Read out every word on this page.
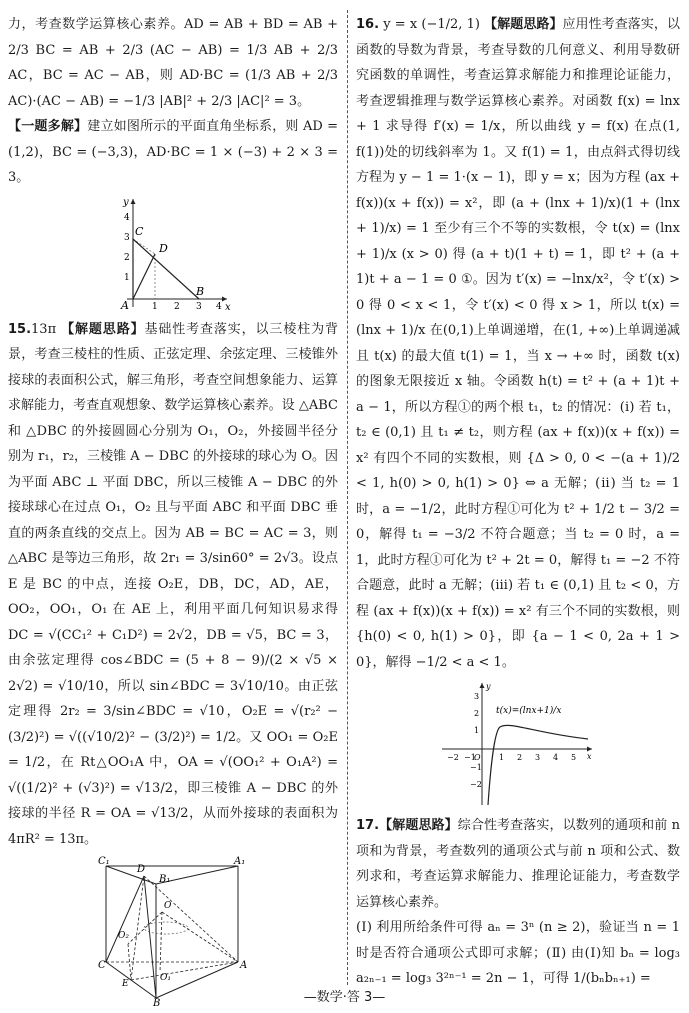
力，考查数学运算核心素养。AD = AB + BD = AB + 2/3 BC = AB + 2/3 (AC − AB) = 1/3 AB + 2/3 AC，BC = AC − AB，则 AD·BC = (1/3 AB + 2/3 AC)·(AC − AB) = −1/3 |AB|² + 2/3 |AC|² = 3。

【一题多解】建立如图所示的平面直角坐标系，则 AD = (1,2)，BC = (−3,3)，AD·BC = 1 × (−3) + 2 × 3 = 3。

y
x
C
D
A
B
1 2 3 4
1
2
3
4

15.13π 【解题思路】基础性考查落实，以三棱柱为背景，考查三棱柱的性质、正弦定理、余弦定理、三棱锥外接球的表面积公式，解三角形，考查空间想象能力、运算求解能力，考查直观想象、数学运算核心素养。设 △ABC 和 △DBC 的外接圆圆心分别为 O₁，O₂，外接圆半径分别为 r₁，r₂，三棱锥 A − DBC 的外接球的球心为 O。因为平面 ABC ⊥ 平面 DBC，所以三棱锥 A − DBC 的外接球球心在过点 O₁，O₂ 且与平面 ABC 和平面 DBC 垂直的两条直线的交点上。因为 AB = BC = AC = 3，则 △ABC 是等边三角形，故 2r₁ = 3/sin60° = 2√3。设点 E 是 BC 的中点，连接 O₂E，DB，DC，AD，AE，OO₂，OO₁，O₁ 在 AE 上，利用平面几何知识易求得 DC = √(CC₁² + C₁D²) = 2√2，DB = √5，BC = 3，由余弦定理得 cos∠BDC = (5 + 8 − 9)/(2 × √5 × 2√2) = √10/10，所以 sin∠BDC = 3√10/10。由正弦定理得 2r₂ = 3/sin∠BDC = √10，O₂E = √(r₂² − (3/2)²) = √((√10/2)² − (3/2)²) = 1/2。又 OO₁ = O₂E = 1/2，在 Rt△OO₁A 中，OA = √(OO₁² + O₁A²) = √((1/2)² + (√3)²) = √13/2，即三棱锥 A − DBC 的外接球的半径 R = OA = √13/2，从而外接球的表面积为 4πR² = 13π。

C₁
D
A₁
B₁
O
O₂
C	A
E
O₁
B

16. y = x (−1/2, 1) 【解题思路】应用性考查落实，以函数的导数为背景，考查导数的几何意义、利用导数研究函数的单调性，考查运算求解能力和推理论证能力，考查逻辑推理与数学运算核心素养。对函数 f(x) = lnx + 1 求导得 f′(x) = 1/x，所以曲线 y = f(x) 在点(1, f(1))处的切线斜率为 1。又 f(1) = 1，由点斜式得切线方程为 y − 1 = 1·(x − 1)，即 y = x；因为方程 (ax + f(x))(x + f(x)) = x²，即 (a + (lnx + 1)/x)(1 + (lnx + 1)/x) = 1 至少有三个不等的实数根，令 t(x) = (lnx + 1)/x (x > 0) 得 (a + t)(1 + t) = 1，即 t² + (a + 1)t + a − 1 = 0 ①。因为 t′(x) = −lnx/x²，令 t′(x) > 0 得 0 < x < 1，令 t′(x) < 0 得 x > 1，所以 t(x) = (lnx + 1)/x 在(0,1)上单调递增，在(1, +∞)上单调递减且 t(x) 的最大值 t(1) = 1，当 x → +∞ 时，函数 t(x) 的图象无限接近 x 轴。令函数 h(t) = t² + (a + 1)t + a − 1，所以方程①的两个根 t₁，t₂ 的情况：(ⅰ) 若 t₁，t₂ ∈ (0,1) 且 t₁ ≠ t₂，则方程 (ax + f(x))(x + f(x)) = x² 有四个不同的实数根，则 {Δ > 0, 0 < −(a + 1)/2 < 1, h(0) > 0, h(1) > 0} ⇔ a 无解；(ⅱ) 当 t₂ = 1 时，a = −1/2，此时方程①可化为 t² + 1/2 t − 3/2 = 0，解得 t₁ = −3/2 不符合题意；当 t₂ = 0 时，a = 1，此时方程①可化为 t² + 2t = 0，解得 t₁ = −2 不符合题意，此时 a 无解；(ⅲ) 若 t₁ ∈ (0,1) 且 t₂ < 0，方程 (ax + f(x))(x + f(x)) = x² 有三个不同的实数根，则 {h(0) < 0, h(1) > 0}，即 {a − 1 < 0, 2a + 1 > 0}，解得 −1/2 < a < 1。

t(x)=(lnx+1)/x
−2 −1
O 1 2 3 4 5 x
3
2
1
−1
−2
y

17.【解题思路】综合性考查落实，以数列的通项和前 n 项和为背景，考查数列的通项公式与前 n 项和公式、数列求和，考查运算求解能力、推理论证能力，考查数学运算核心素养。

(Ⅰ) 利用所给条件可得 aₙ = 3ⁿ (n ≥ 2)，验证当 n = 1 时是否符合通项公式即可求解；(Ⅱ) 由(Ⅰ)知 bₙ = log₃ a₂ₙ₋₁ = log₃ 3²ⁿ⁻¹ = 2n − 1，可得 1/(bₙbₙ₊₁) =

—数学·答 3—
